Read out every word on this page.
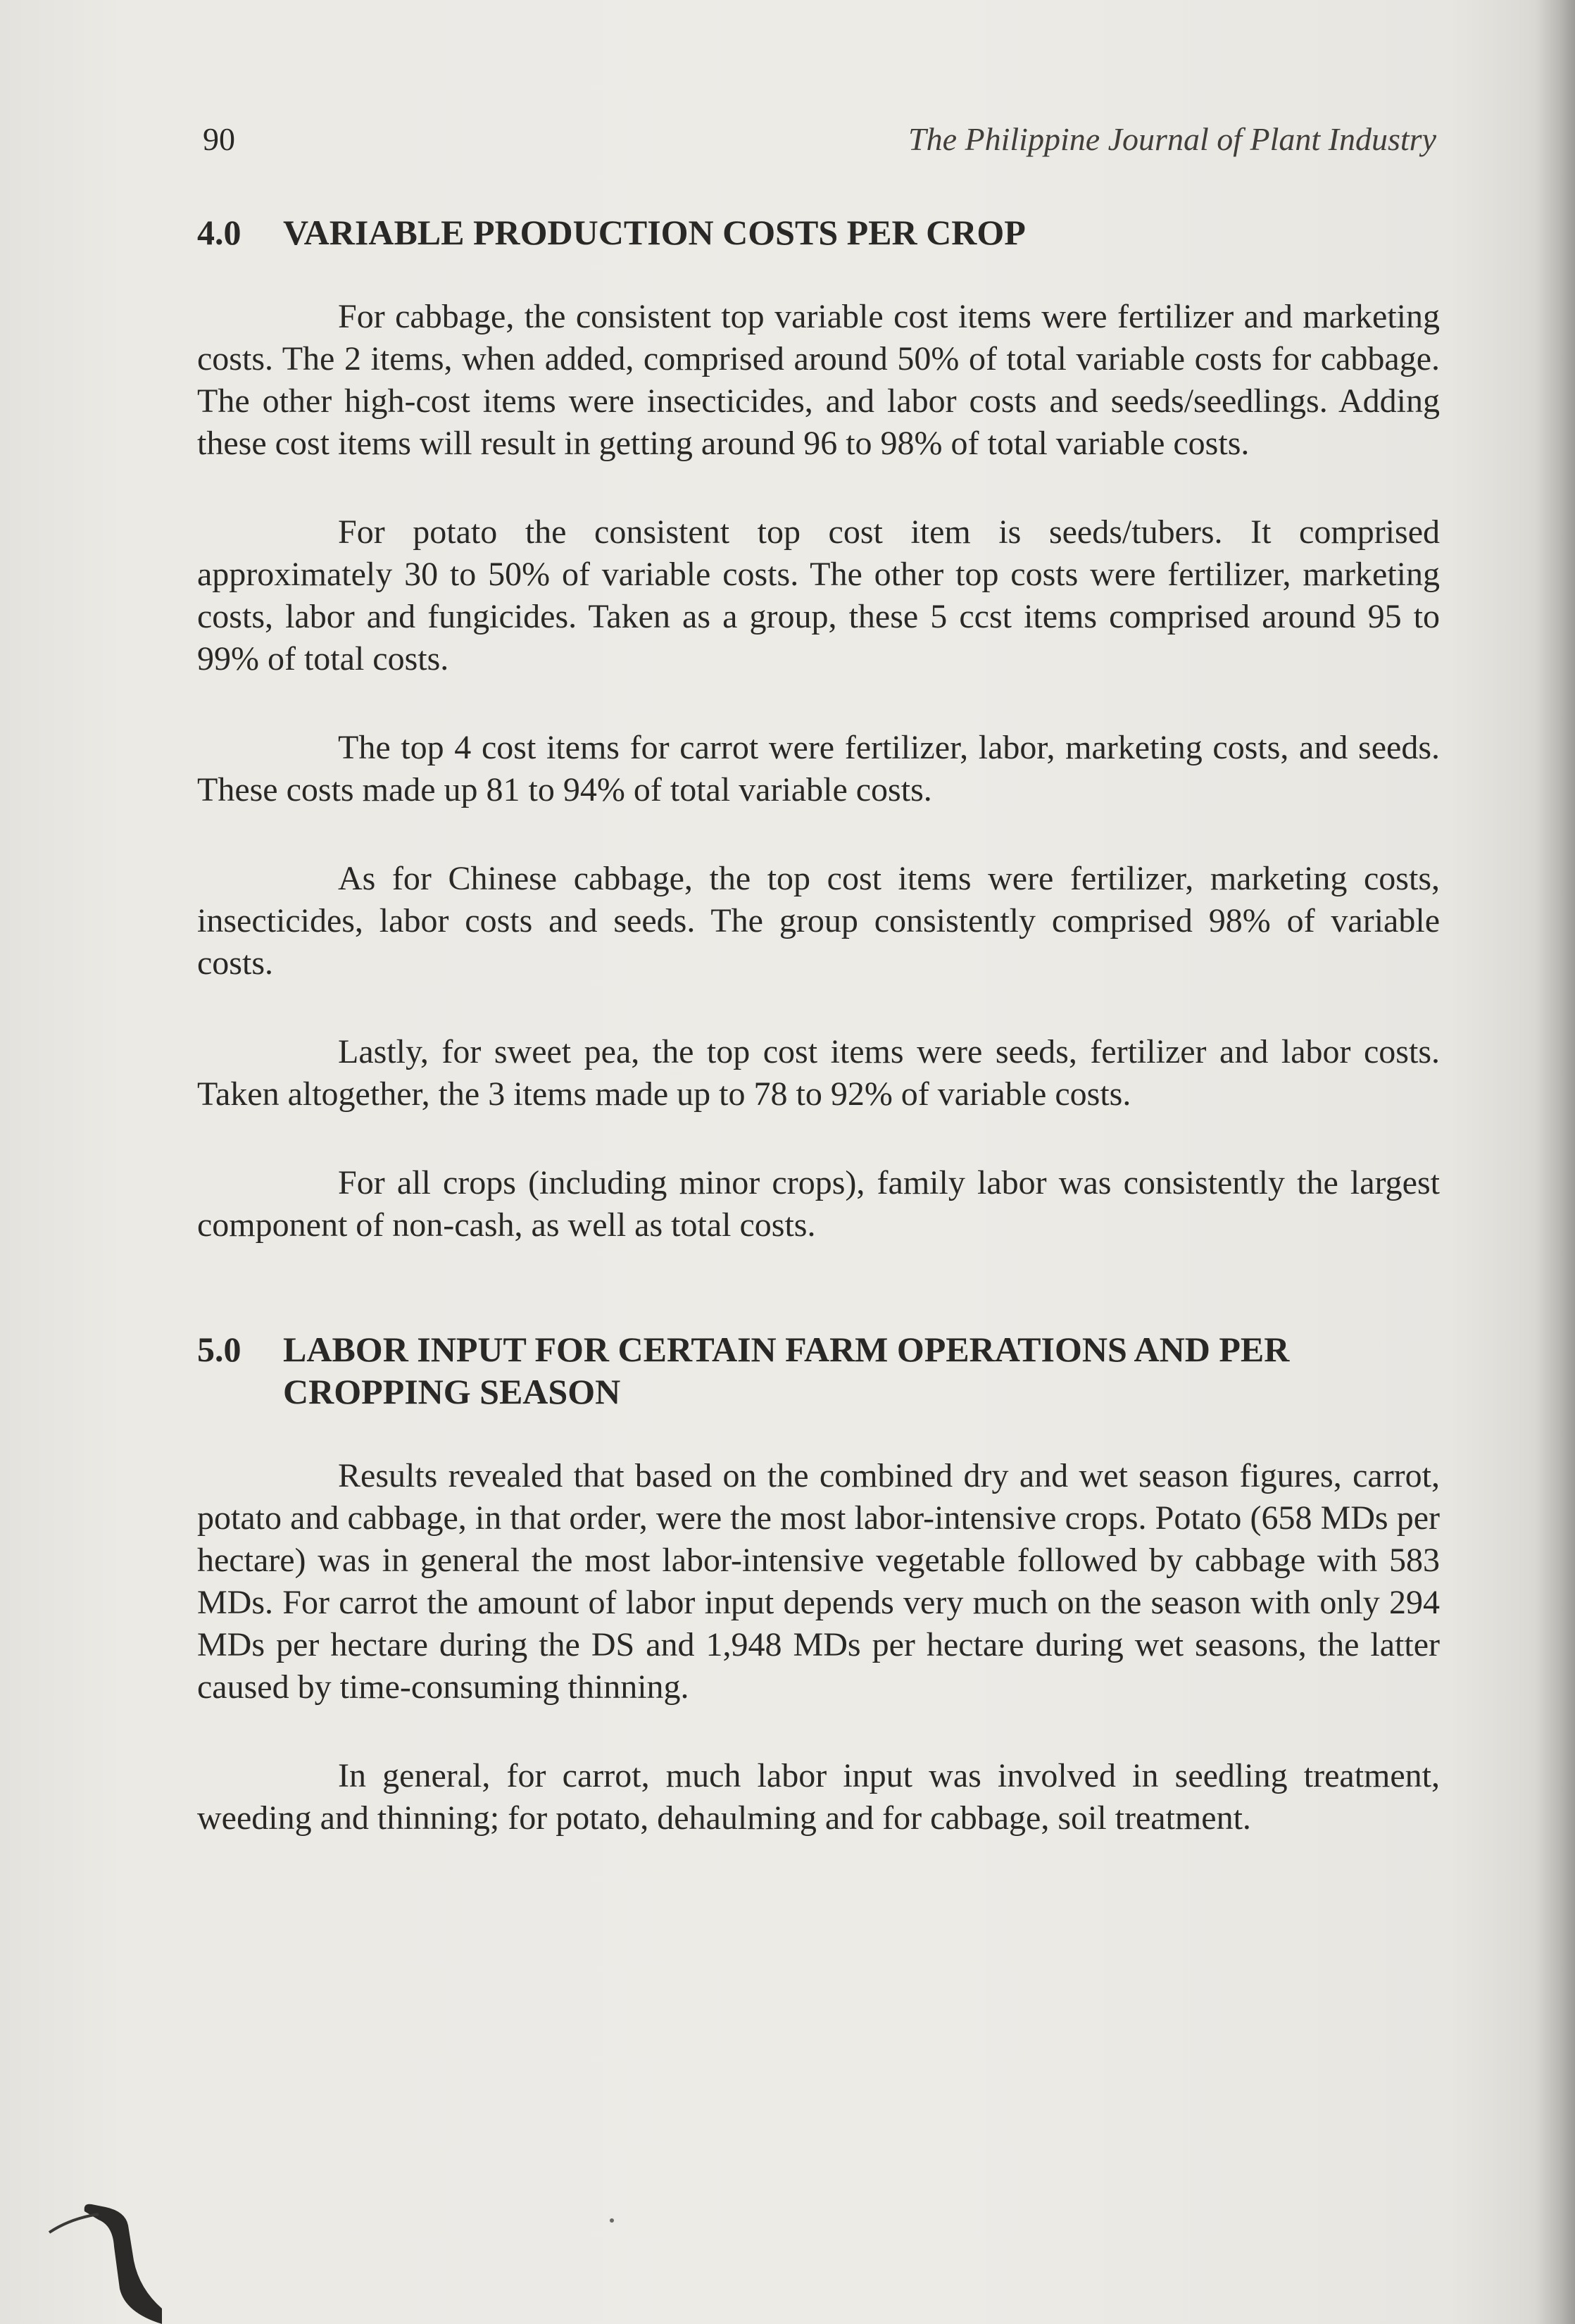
90	The Philippine Journal of Plant Industry
4.0	VARIABLE PRODUCTION COSTS PER CROP

For cabbage, the consistent top variable cost items were fertilizer and marketing costs. The 2 items, when added, comprised around 50% of total variable costs for cabbage. The other high-cost items were insecticides, and labor costs and seeds/seedlings. Adding these cost items will result in getting around 96 to 98% of total variable costs.

For potato the consistent top cost item is seeds/tubers. It comprised approximately 30 to 50% of variable costs. The other top costs were fertilizer, marketing costs, labor and fungicides. Taken as a group, these 5 ccst items comprised around 95 to 99% of total costs.

The top 4 cost items for carrot were fertilizer, labor, marketing costs, and seeds. These costs made up 81 to 94% of total variable costs.

As for Chinese cabbage, the top cost items were fertilizer, marketing costs, insecticides, labor costs and seeds. The group consistently comprised 98% of variable costs.

Lastly, for sweet pea, the top cost items were seeds, fertilizer and labor costs. Taken altogether, the 3 items made up to 78 to 92% of variable costs.

For all crops (including minor crops), family labor was consistently the largest component of non-cash, as well as total costs.

5.0	LABOR INPUT FOR CERTAIN FARM OPERATIONS AND PER CROPPING SEASON

Results revealed that based on the combined dry and wet season figures, carrot, potato and cabbage, in that order, were the most labor-intensive crops. Potato (658 MDs per hectare) was in general the most labor-intensive vegetable followed by cabbage with 583 MDs. For carrot the amount of labor input depends very much on the season with only 294 MDs per hectare during the DS and 1,948 MDs per hectare during wet seasons, the latter caused by time-consuming thinning.

In general, for carrot, much labor input was involved in seedling treatment, weeding and thinning; for potato, dehaulming and for cabbage, soil treatment.
